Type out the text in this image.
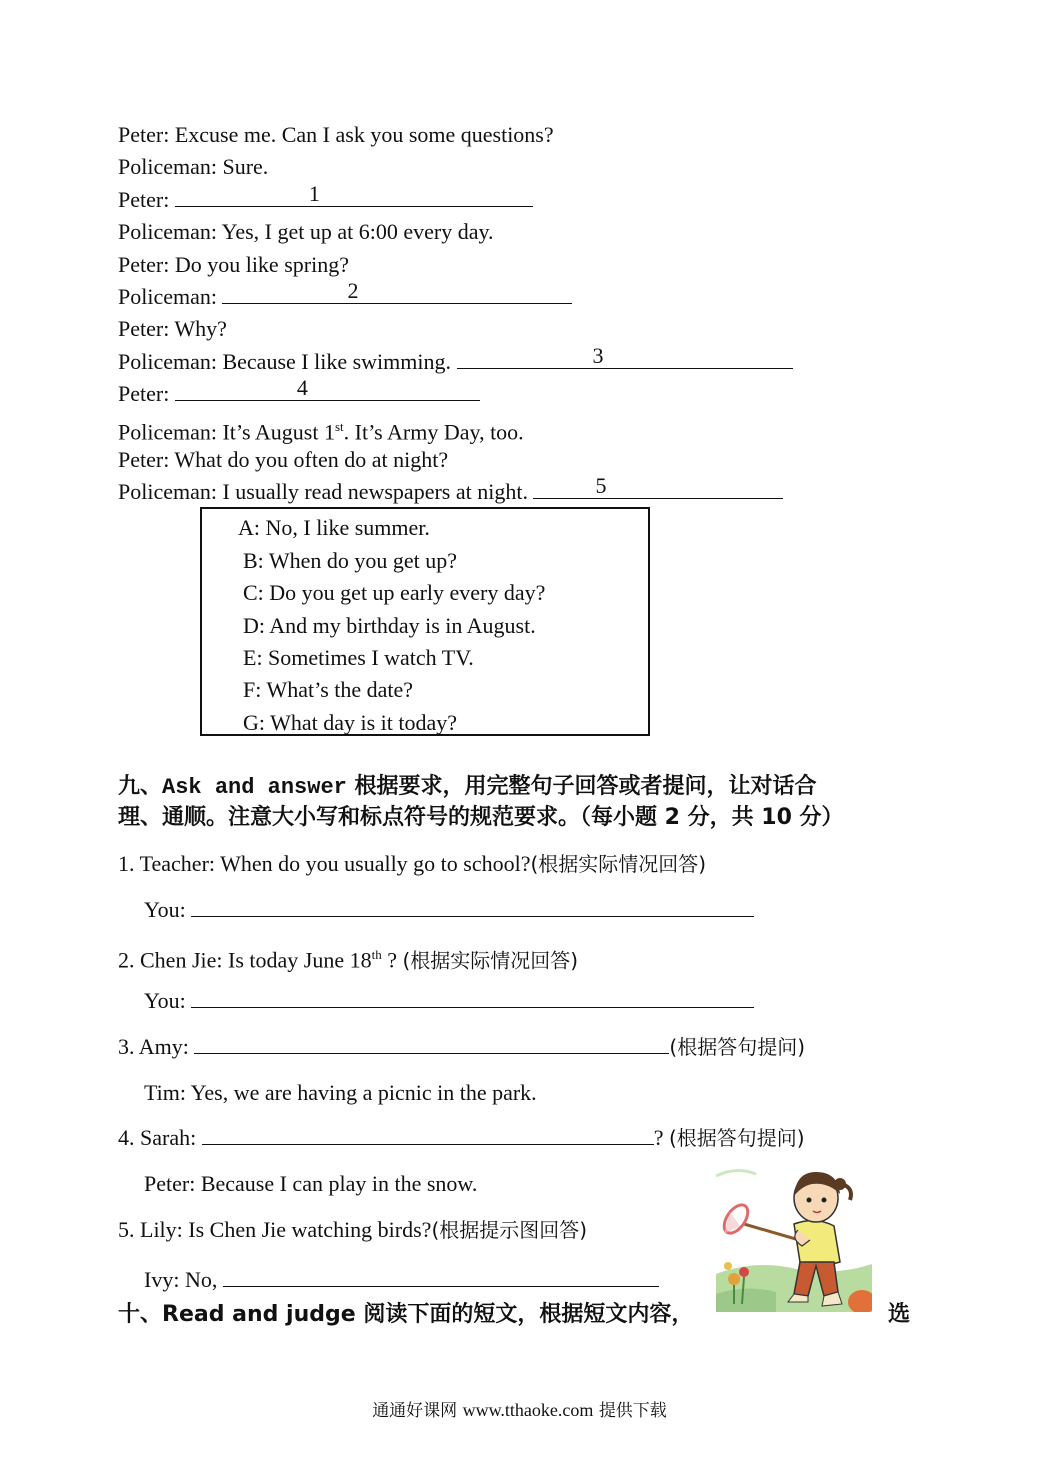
Peter: Excuse me. Can I ask you some questions?
Policeman: Sure.
Peter:	1
Policeman: Yes, I get up at 6:00 every day.
Peter: Do you like spring?
Policeman:	2
Peter: Why?
Policeman: Because I like swimming.	3
Peter:	4
Policeman: It’s August 1st. It’s Army Day, too.
Peter: What do you often do at night?
Policeman: I usually read newspapers at night.	5
A: No, I like summer.
B: When do you get up?
C: Do you get up early every day?
D: And my birthday is in August.
E: Sometimes I watch TV.
F: What’s the date?
G: What day is it today?
九、Ask and answer 根据要求，用完整句子回答或者提问，让对话合
理、通顺。注意大小写和标点符号的规范要求。（每小题 2 分，共 10 分）
1. Teacher: When do you usually go to school?(根据实际情况回答)
You:
2. Chen Jie: Is today June 18th ? (根据实际情况回答)
You:
3. Amy:	(根据答句提问)
Tim: Yes, we are having a picnic in the park.
4. Sarah:	? (根据答句提问)
Peter: Because I can play in the snow.
5. Lily: Is Chen Jie watching birds?(根据提示图回答)
Ivy: No,
十、Read and judge 阅读下面的短文，根据短文内容，	选
通通好课网 www.tthaoke.com 提供下载
